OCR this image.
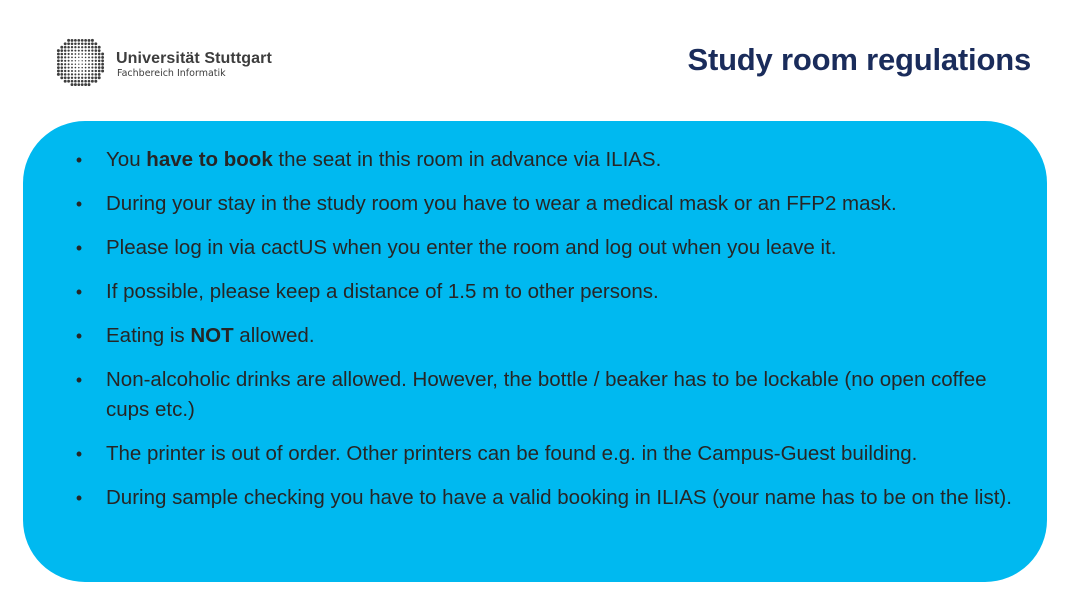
Universität Stuttgart
Fachbereich Informatik	Study room regulations
• You have to book the seat in this room in advance via ILIAS.
• During your stay in the study room you have to wear a medical mask or an FFP2 mask.
• Please log in via cactUS when you enter the room and log out when you leave it.
• If possible, please keep a distance of 1.5 m to other persons.
• Eating is NOT allowed.
• Non-alcoholic drinks are allowed. However, the bottle / beaker has to be lockable (no open coffee cups etc.)
• The printer is out of order. Other printers can be found e.g. in the Campus-Guest building.
• During sample checking you have to have a valid booking in ILIAS (your name has to be on the list).
